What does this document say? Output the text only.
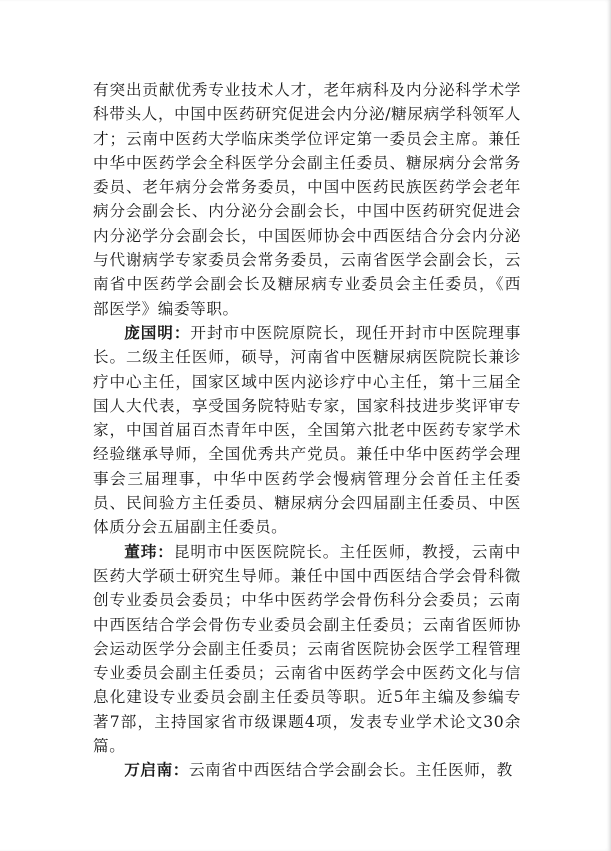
有突出贡献优秀专业技术人才，老年病科及内分泌科学术学科带头人，中国中医药研究促进会内分泌/糖尿病学科领军人才；云南中医药大学临床类学位评定第一委员会主席。兼任中华中医药学会全科医学分会副主任委员、糖尿病分会常务委员、老年病分会常务委员，中国中医药民族医药学会老年病分会副会长、内分泌分会副会长，中国中医药研究促进会内分泌学分会副会长，中国医师协会中西医结合分会内分泌与代谢病学专家委员会常务委员，云南省医学会副会长，云南省中医药学会副会长及糖尿病专业委员会主任委员，《西部医学》编委等职。

庞国明：开封市中医院原院长，现任开封市中医院理事长。二级主任医师，硕导，河南省中医糖尿病医院院长兼诊疗中心主任，国家区域中医内泌诊疗中心主任，第十三届全国人大代表，享受国务院特贴专家，国家科技进步奖评审专家，中国首届百杰青年中医，全国第六批老中医药专家学术经验继承导师，全国优秀共产党员。兼任中华中医药学会理事会三届理事，中华中医药学会慢病管理分会首任主任委员、民间验方主任委员、糖尿病分会四届副主任委员、中医体质分会五届副主任委员。

董玮：昆明市中医医院院长。主任医师，教授，云南中医药大学硕士研究生导师。兼任中国中西医结合学会骨科微创专业委员会委员；中华中医药学会骨伤科分会委员；云南中西医结合学会骨伤专业委员会副主任委员；云南省医师协会运动医学分会副主任委员；云南省医院协会医学工程管理专业委员会副主任委员；云南省中医药学会中医药文化与信息化建设专业委员会副主任委员等职。近5年主编及参编专著7部，主持国家省市级课题4项，发表专业学术论文30余篇。

万启南：云南省中西医结合学会副会长。主任医师，教
